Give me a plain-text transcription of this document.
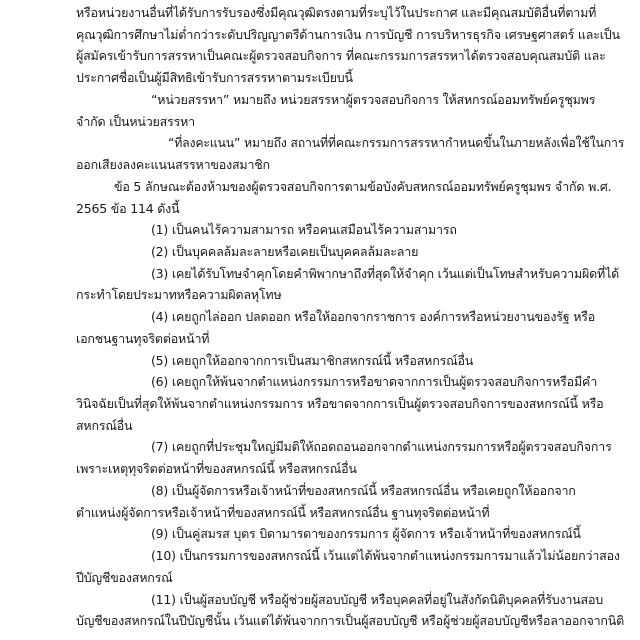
หรือหน่วยงานอื่นที่ได้รับการรับรองซึ่งมีคุณวุฒิตรงตามที่ระบุไว้ในประกาศ และมีคุณสมบัติอื่นที่ตามที่
คุณวุฒิการศึกษาไม่ต่ำกว่าระดับปริญญาตรีด้านการเงิน การบัญชี การบริหารธุรกิจ เศรษฐศาสตร์ และเป็น
ผู้สมัครเข้ารับการสรรหาเป็นคณะผู้ตรวจสอบกิจการ ที่คณะกรรมการสรรหาได้ตรวจสอบคุณสมบัติ และ
ประกาศชื่อเป็นผู้มีสิทธิเข้ารับการสรรหาตามระเบียบนี้
“หน่วยสรรหา” หมายถึง หน่วยสรรหาผู้ตรวจสอบกิจการ ให้สหกรณ์ออมทรัพย์ครูชุมพร
จำกัด เป็นหน่วยสรรหา
“ที่ลงคะแนน” หมายถึง สถานที่ที่คณะกรรมการสรรหากำหนดขึ้นในภายหลังเพื่อใช้ในการ
ออกเสียงลงคะแนนสรรหาของสมาชิก
ข้อ 5 ลักษณะต้องห้ามของผู้ตรวจสอบกิจการตามข้อบังคับสหกรณ์ออมทรัพย์ครูชุมพร จำกัด พ.ศ.
2565 ข้อ 114 ดังนี้
(1) เป็นคนไร้ความสามารถ หรือคนเสมือนไร้ความสามารถ
(2) เป็นบุคคลล้มละลายหรือเคยเป็นบุคคลล้มละลาย
(3) เคยได้รับโทษจำคุกโดยคำพิพากษาถึงที่สุดให้จำคุก เว้นแต่เป็นโทษสำหรับความผิดที่ได้
กระทำโดยประมาทหรือความผิดลหุโทษ
(4) เคยถูกไล่ออก ปลดออก หรือให้ออกจากราชการ องค์การหรือหน่วยงานของรัฐ หรือ
เอกชนฐานทุจริตต่อหน้าที่
(5) เคยถูกให้ออกจากการเป็นสมาชิกสหกรณ์นี้ หรือสหกรณ์อื่น
(6) เคยถูกให้พ้นจากตำแหน่งกรรมการหรือขาดจากการเป็นผู้ตรวจสอบกิจการหรือมีคำ
วินิจฉัยเป็นที่สุดให้พ้นจากตำแหน่งกรรมการ หรือขาดจากการเป็นผู้ตรวจสอบกิจการของสหกรณ์นี้ หรือ
สหกรณ์อื่น
(7) เคยถูกที่ประชุมใหญ่มีมติให้ถอดถอนออกจากตำแหน่งกรรมการหรือผู้ตรวจสอบกิจการ
เพราะเหตุทุจริตต่อหน้าที่ของสหกรณ์นี้ หรือสหกรณ์อื่น
(8) เป็นผู้จัดการหรือเจ้าหน้าที่ของสหกรณ์นี้ หรือสหกรณ์อื่น หรือเคยถูกให้ออกจาก
ตำแหน่งผู้จัดการหรือเจ้าหน้าที่ของสหกรณ์นี้ หรือสหกรณ์อื่น ฐานทุจริตต่อหน้าที่
(9) เป็นคู่สมรส บุตร บิดามารดาของกรรมการ ผู้จัดการ หรือเจ้าหน้าที่ของสหกรณ์นี้
(10) เป็นกรรมการของสหกรณ์นี้ เว้นแต่ได้พ้นจากตำแหน่งกรรมการมาแล้วไม่น้อยกว่าสอง
ปีบัญชีของสหกรณ์
(11) เป็นผู้สอบบัญชี หรือผู้ช่วยผู้สอบบัญชี หรือบุคคลที่อยู่ในสังกัดนิติบุคคลที่รับงานสอบ
บัญชีของสหกรณ์ในปีบัญชีนั้น เว้นแต่ได้พ้นจากการเป็นผู้สอบบัญชี หรือผู้ช่วยผู้สอบบัญชีหรือลาออกจากนิติ
